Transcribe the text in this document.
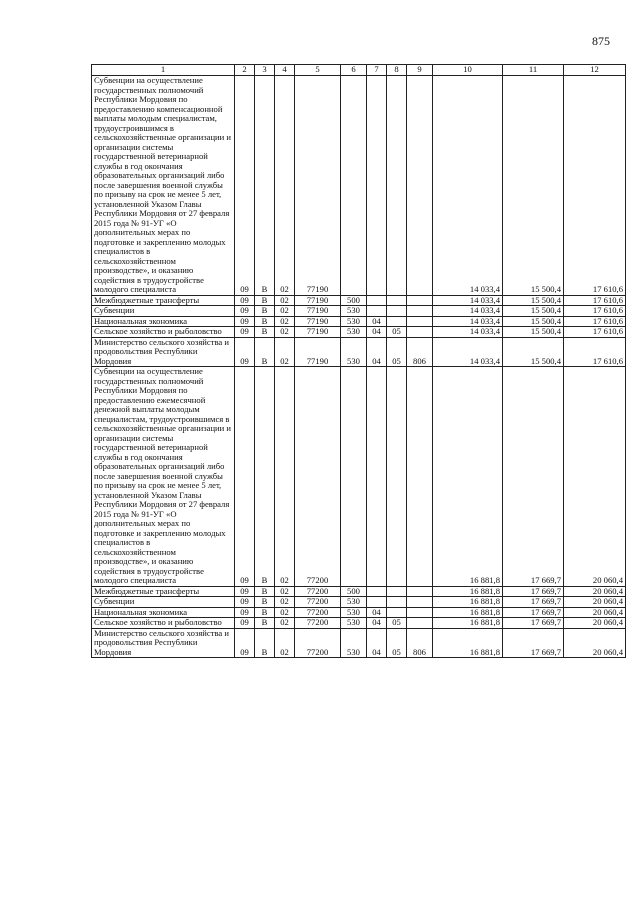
875
1	2	3	4	5	6	7	8	9	10	11	12
Субвенции на осуществление государственных полномочий Республики Мордовия по предоставлению компенсационной выплаты молодым специалистам, трудоустроившимся в сельскохозяйственные организации и организации системы государственной ветеринарной службы в год окончания образовательных организаций либо после завершения военной службы по призыву на срок не менее 5 лет, установленной Указом Главы Республики Мордовия от 27 февраля 2015 года № 91-УГ «О дополнительных мерах по подготовке и закреплению молодых специалистов в сельскохозяйственном производстве», и оказанию содействия в трудоустройстве молодого специалиста	09	В	02	77190					14 033,4	15 500,4	17 610,6
Межбюджетные трансферты	09	В	02	77190	500				14 033,4	15 500,4	17 610,6
Субвенции	09	В	02	77190	530				14 033,4	15 500,4	17 610,6
Национальная экономика	09	В	02	77190	530	04			14 033,4	15 500,4	17 610,6
Сельское хозяйство и рыболовство	09	В	02	77190	530	04	05		14 033,4	15 500,4	17 610,6
Министерство сельского хозяйства и продовольствия Республики Мордовия	09	В	02	77190	530	04	05	806	14 033,4	15 500,4	17 610,6
Субвенции на осуществление государственных полномочий Республики Мордовия по предоставлению ежемесячной денежной выплаты молодым специалистам, трудоустроившимся в сельскохозяйственные организации и организации системы государственной ветеринарной службы в год окончания образовательных организаций либо после завершения военной службы по призыву на срок не менее 5 лет, установленной Указом Главы Республики Мордовия от 27 февраля 2015 года № 91-УГ «О дополнительных мерах по подготовке и закреплению молодых специалистов в сельскохозяйственном производстве», и оказанию содействия в трудоустройстве молодого специалиста	09	В	02	77200					16 881,8	17 669,7	20 060,4
Межбюджетные трансферты	09	В	02	77200	500				16 881,8	17 669,7	20 060,4
Субвенции	09	В	02	77200	530				16 881,8	17 669,7	20 060,4
Национальная экономика	09	В	02	77200	530	04			16 881,8	17 669,7	20 060,4
Сельское хозяйство и рыболовство	09	В	02	77200	530	04	05		16 881,8	17 669,7	20 060,4
Министерство сельского хозяйства и продовольствия Республики Мордовия	09	В	02	77200	530	04	05	806	16 881,8	17 669,7	20 060,4
